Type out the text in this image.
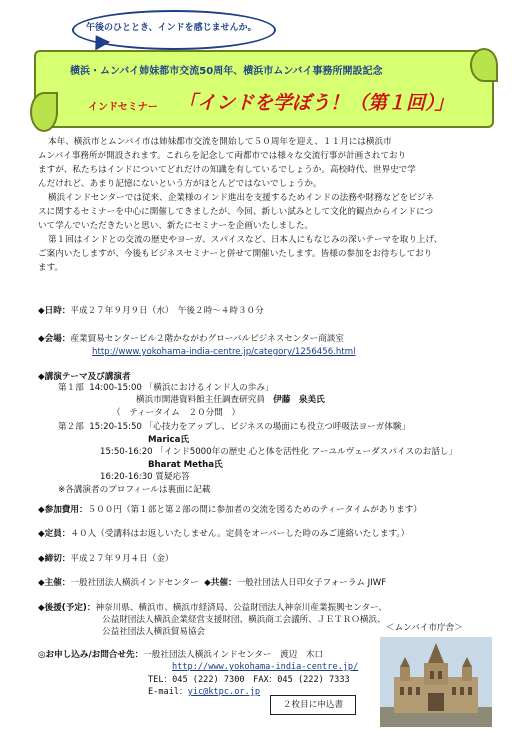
午後のひととき、インドを感じませんか。
横浜・ムンバイ姉妹都市交流50周年、横浜市ムンバイ事務所開設記念
インドセミナー 「インドを学ぼう！（第１回）」
本年、横浜市とムンバイ市は姉妹都市交流を開始して５０周年を迎え、１１月には横浜市
ムンバイ事務所が開設されます。これらを記念して両都市では様々な交流行事が計画されており
ますが、私たちはインドについてどれだけの知識を有しているでしょうか。高校時代、世界史で学
んだけれど、あまり記憶にないという方がほとんどではないでしょうか。
横浜インドセンターでは従来、企業様のインド進出を支援するためインドの法務や財務などをビジネ
スに関するセミナーを中心に開催してきましたが、今回、新しい試みとして文化的観点からインドにつ
いて学んでいただきたいと思い、新たにセミナーを企画いたしました。
第１回はインドとの交流の歴史やヨーガ、スパイスなど、日本人にもなじみの深いテーマを取り上げ、
ご案内いたしますが、今後もビジネスセミナーと併せて開催いたします。皆様の参加をお待ちしており
ます。
◆日時：平成２７年９月９日（水）　午後２時～４時３０分
◆会場：産業貿易センタービル２階かながわグローバルビジネスセンター商談室
http://www.yokohama-india-centre.jp/category/1256456.html
◆講演テーマ及び講演者
第１部 14:00-15:00 「横浜におけるインド人の歩み」
横浜市開港資料館主任調査研究員 伊藤　泉美氏
（　ティータイム　２０分間　）
第２部 15:20-15:50 「心技力をアップし、ビジネスの場面にも役立つ呼吸法ヨーガ体験」
Marica氏
15:50-16:20 「インド5000年の歴史 心と体を活性化 アーユルヴェーダスパイスのお話し」
Bharat Metha氏
16:20-16:30 質疑応答
※各講演者のプロフィールは裏面に記載
◆参加費用：５００円（第１部と第２部の間に参加者の交流を図るためのティータイムがあります）
◆定員：４０人（受講料はお返しいたしません。定員をオーバーした時のみご連絡いたします。）
◆締切：平成２７年９月４日（金）
◆主催：一般社団法人横浜インドセンター ◆共催：一般社団法人日印女子フォーラム JIWF
◆後援(予定)：神奈川県、横浜市、横浜市経済局、公益財団法人神奈川産業振興センター、
公益財団法人横浜企業経営支援財団、横浜商工会議所、ＪＥＴＲＯ横浜、
公益社団法人横浜貿易協会
◎お申し込み/お問合せ先：一般社団法人横浜インドセンター　渡辺　木口
http://www.yokohama-india-centre.jp/
TEL：045 (222) 7300　FAX：045 (222) 7333
E-mail：yic@ktpc.or.jp
＜ムンバイ市庁舎＞
２枚目に申込書
